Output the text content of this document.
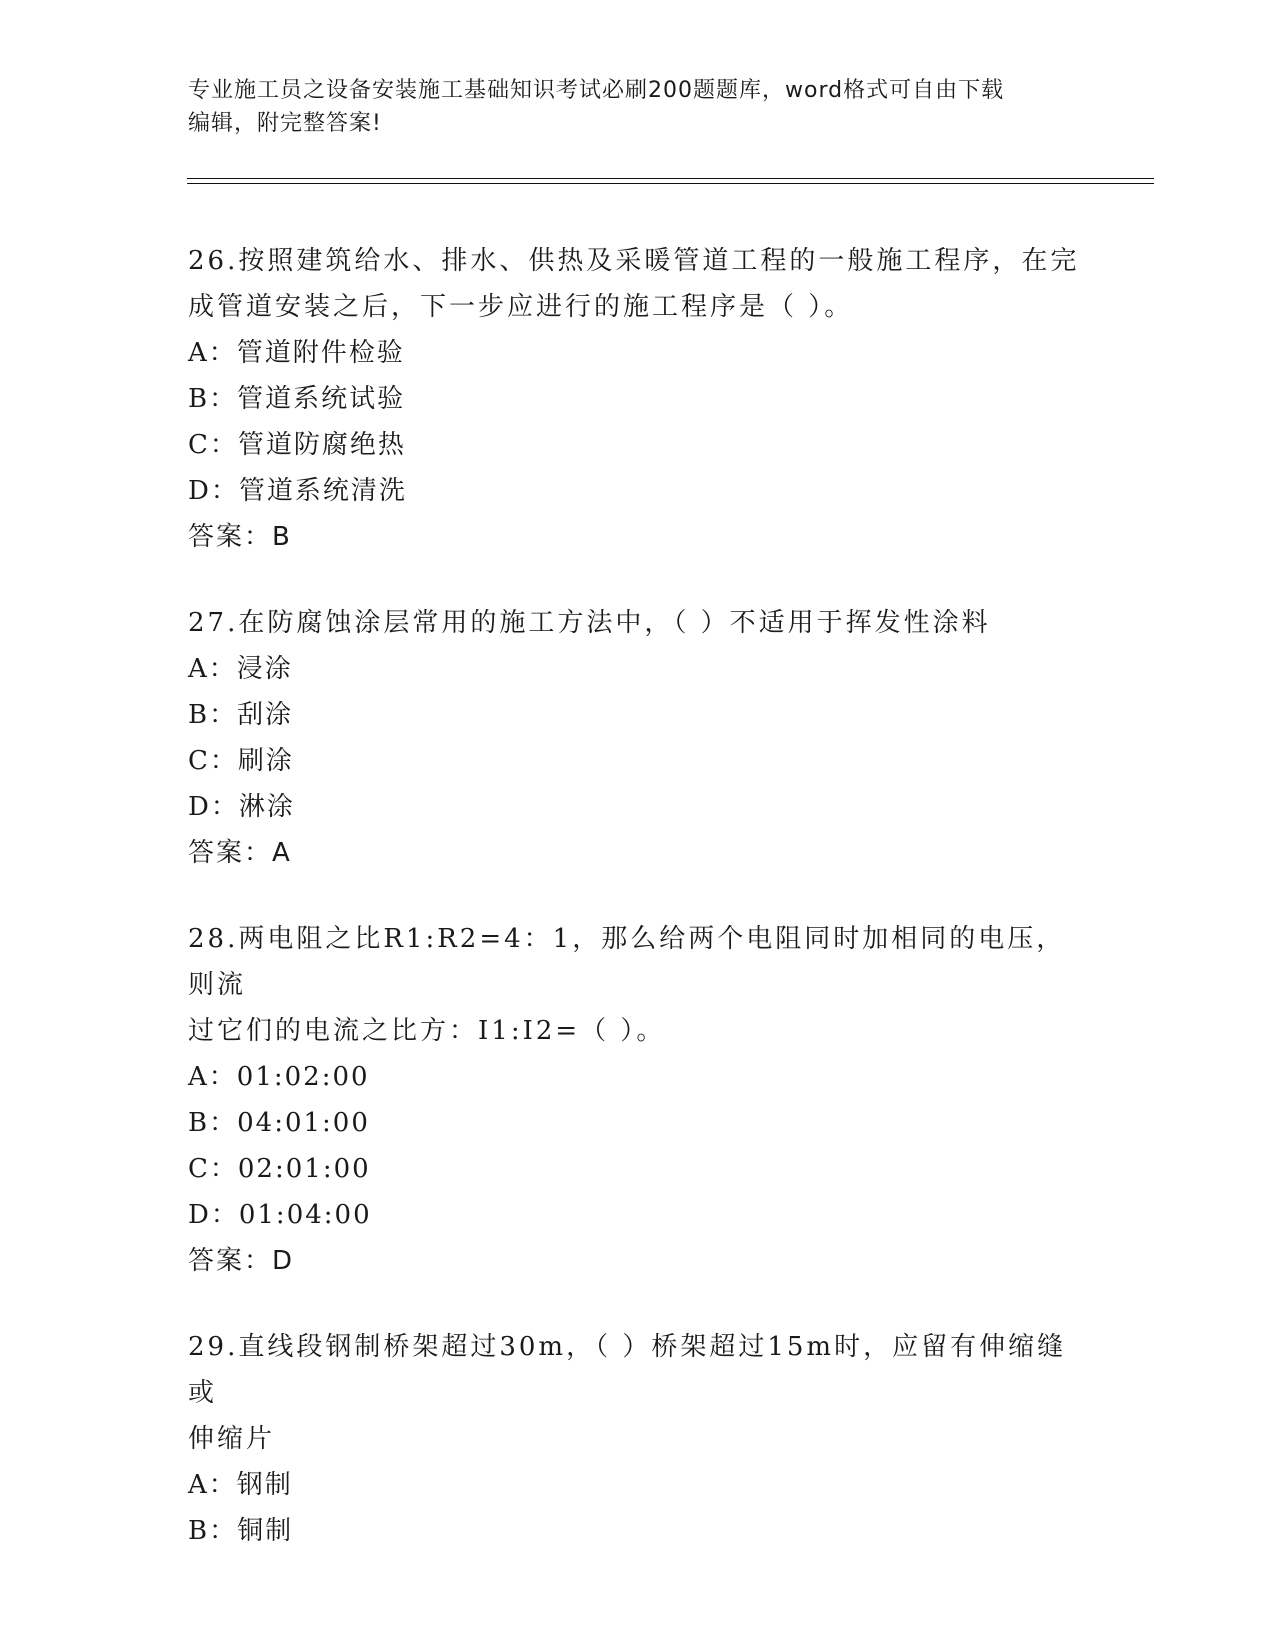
专业施工员之设备安装施工基础知识考试必刷200题题库，word格式可自由下载
编辑，附完整答案!

26.按照建筑给水、排水、供热及采暖管道工程的一般施工程序，在完

成管道安装之后，下一步应进行的施工程序是（ ）。

A：管道附件检验

B：管道系统试验

C：管道防腐绝热

D：管道系统清洗

答案：B

27.在防腐蚀涂层常用的施工方法中，（ ）不适用于挥发性涂料

A：浸涂

B：刮涂

C：刷涂

D：淋涂

答案：A

28.两电阻之比R1:R2=4：1，那么给两个电阻同时加相同的电压，则流

过它们的电流之比方：I1:I2=（ ）。

A：01:02:00

B：04:01:00

C：02:01:00

D：01:04:00

答案：D

29.直线段钢制桥架超过30m，（ ）桥架超过15m时，应留有伸缩缝或

伸缩片

A：钢制

B：铜制
